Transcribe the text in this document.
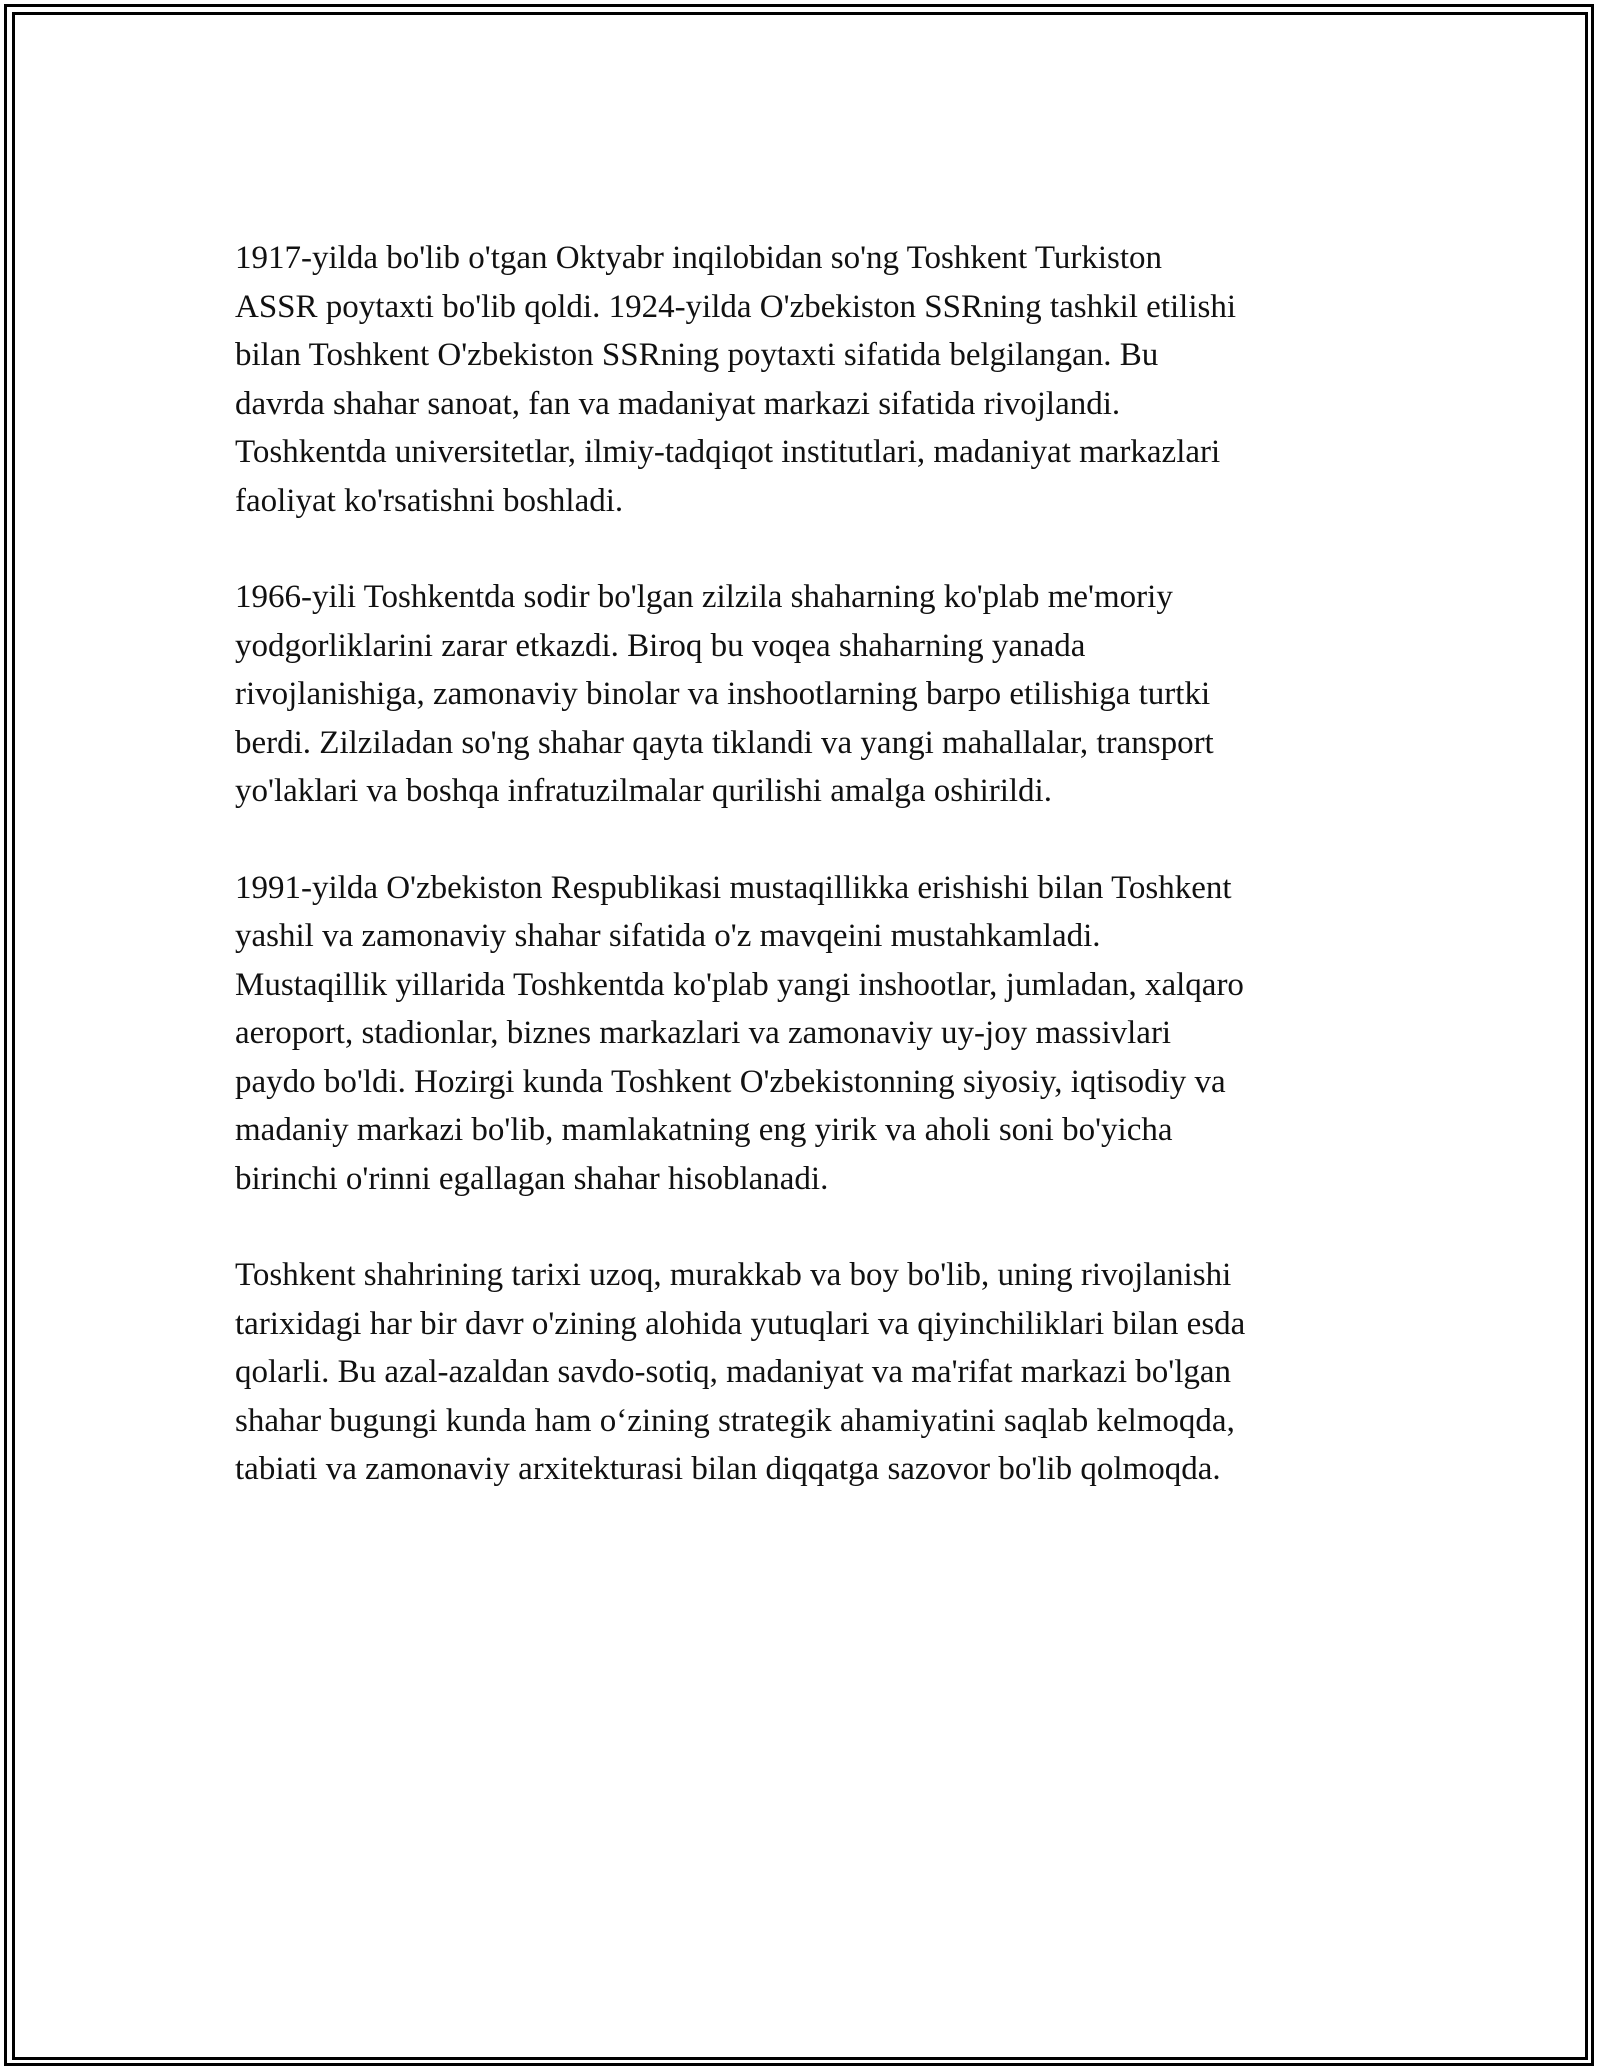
1917-yilda bo'lib o'tgan Oktyabr inqilobidan so'ng Toshkent Turkiston
ASSR poytaxti bo'lib qoldi. 1924-yilda O'zbekiston SSRning tashkil etilishi
bilan Toshkent O'zbekiston SSRning poytaxti sifatida belgilangan. Bu
davrda shahar sanoat, fan va madaniyat markazi sifatida rivojlandi.
Toshkentda universitetlar, ilmiy-tadqiqot institutlari, madaniyat markazlari
faoliyat ko'rsatishni boshladi.

1966-yili Toshkentda sodir bo'lgan zilzila shaharning ko'plab me'moriy
yodgorliklarini zarar etkazdi. Biroq bu voqea shaharning yanada
rivojlanishiga, zamonaviy binolar va inshootlarning barpo etilishiga turtki
berdi. Zilziladan so'ng shahar qayta tiklandi va yangi mahallalar, transport
yo'laklari va boshqa infratuzilmalar qurilishi amalga oshirildi.

1991-yilda O'zbekiston Respublikasi mustaqillikka erishishi bilan Toshkent
yashil va zamonaviy shahar sifatida o'z mavqeini mustahkamladi.
Mustaqillik yillarida Toshkentda ko'plab yangi inshootlar, jumladan, xalqaro
aeroport, stadionlar, biznes markazlari va zamonaviy uy-joy massivlari
paydo bo'ldi. Hozirgi kunda Toshkent O'zbekistonning siyosiy, iqtisodiy va
madaniy markazi bo'lib, mamlakatning eng yirik va aholi soni bo'yicha
birinchi o'rinni egallagan shahar hisoblanadi.

Toshkent shahrining tarixi uzoq, murakkab va boy bo'lib, uning rivojlanishi
tarixidagi har bir davr o'zining alohida yutuqlari va qiyinchiliklari bilan esda
qolarli. Bu azal-azaldan savdo-sotiq, madaniyat va ma'rifat markazi bo'lgan
shahar bugungi kunda ham oʻzining strategik ahamiyatini saqlab kelmoqda,
tabiati va zamonaviy arxitekturasi bilan diqqatga sazovor bo'lib qolmoqda.
